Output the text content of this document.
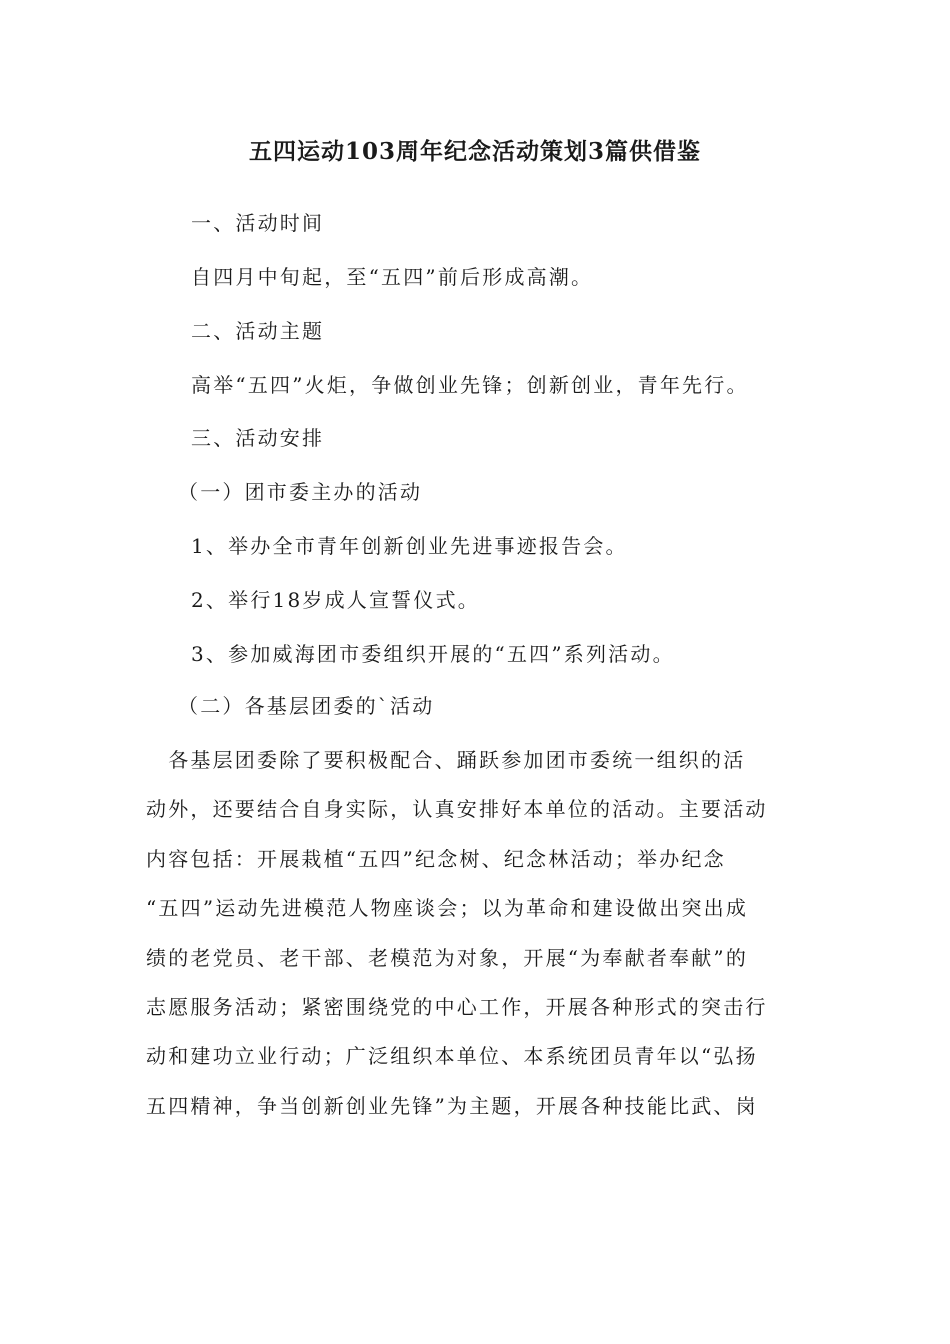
五四运动103周年纪念活动策划3篇供借鉴
一、活动时间
自四月中旬起，至“五四”前后形成高潮。
二、活动主题
高举“五四”火炬，争做创业先锋；创新创业，青年先行。
三、活动安排
（一）团市委主办的活动
1、举办全市青年创新创业先进事迹报告会。
2、举行18岁成人宣誓仪式。
3、参加威海团市委组织开展的“五四”系列活动。
（二）各基层团委的`活动
　各基层团委除了要积极配合、踊跃参加团市委统一组织的活
动外，还要结合自身实际，认真安排好本单位的活动。主要活动
内容包括：开展栽植“五四”纪念树、纪念林活动；举办纪念
“五四”运动先进模范人物座谈会；以为革命和建设做出突出成
绩的老党员、老干部、老模范为对象，开展“为奉献者奉献”的
志愿服务活动；紧密围绕党的中心工作，开展各种形式的突击行
动和建功立业行动；广泛组织本单位、本系统团员青年以“弘扬
五四精神，争当创新创业先锋”为主题，开展各种技能比武、岗
